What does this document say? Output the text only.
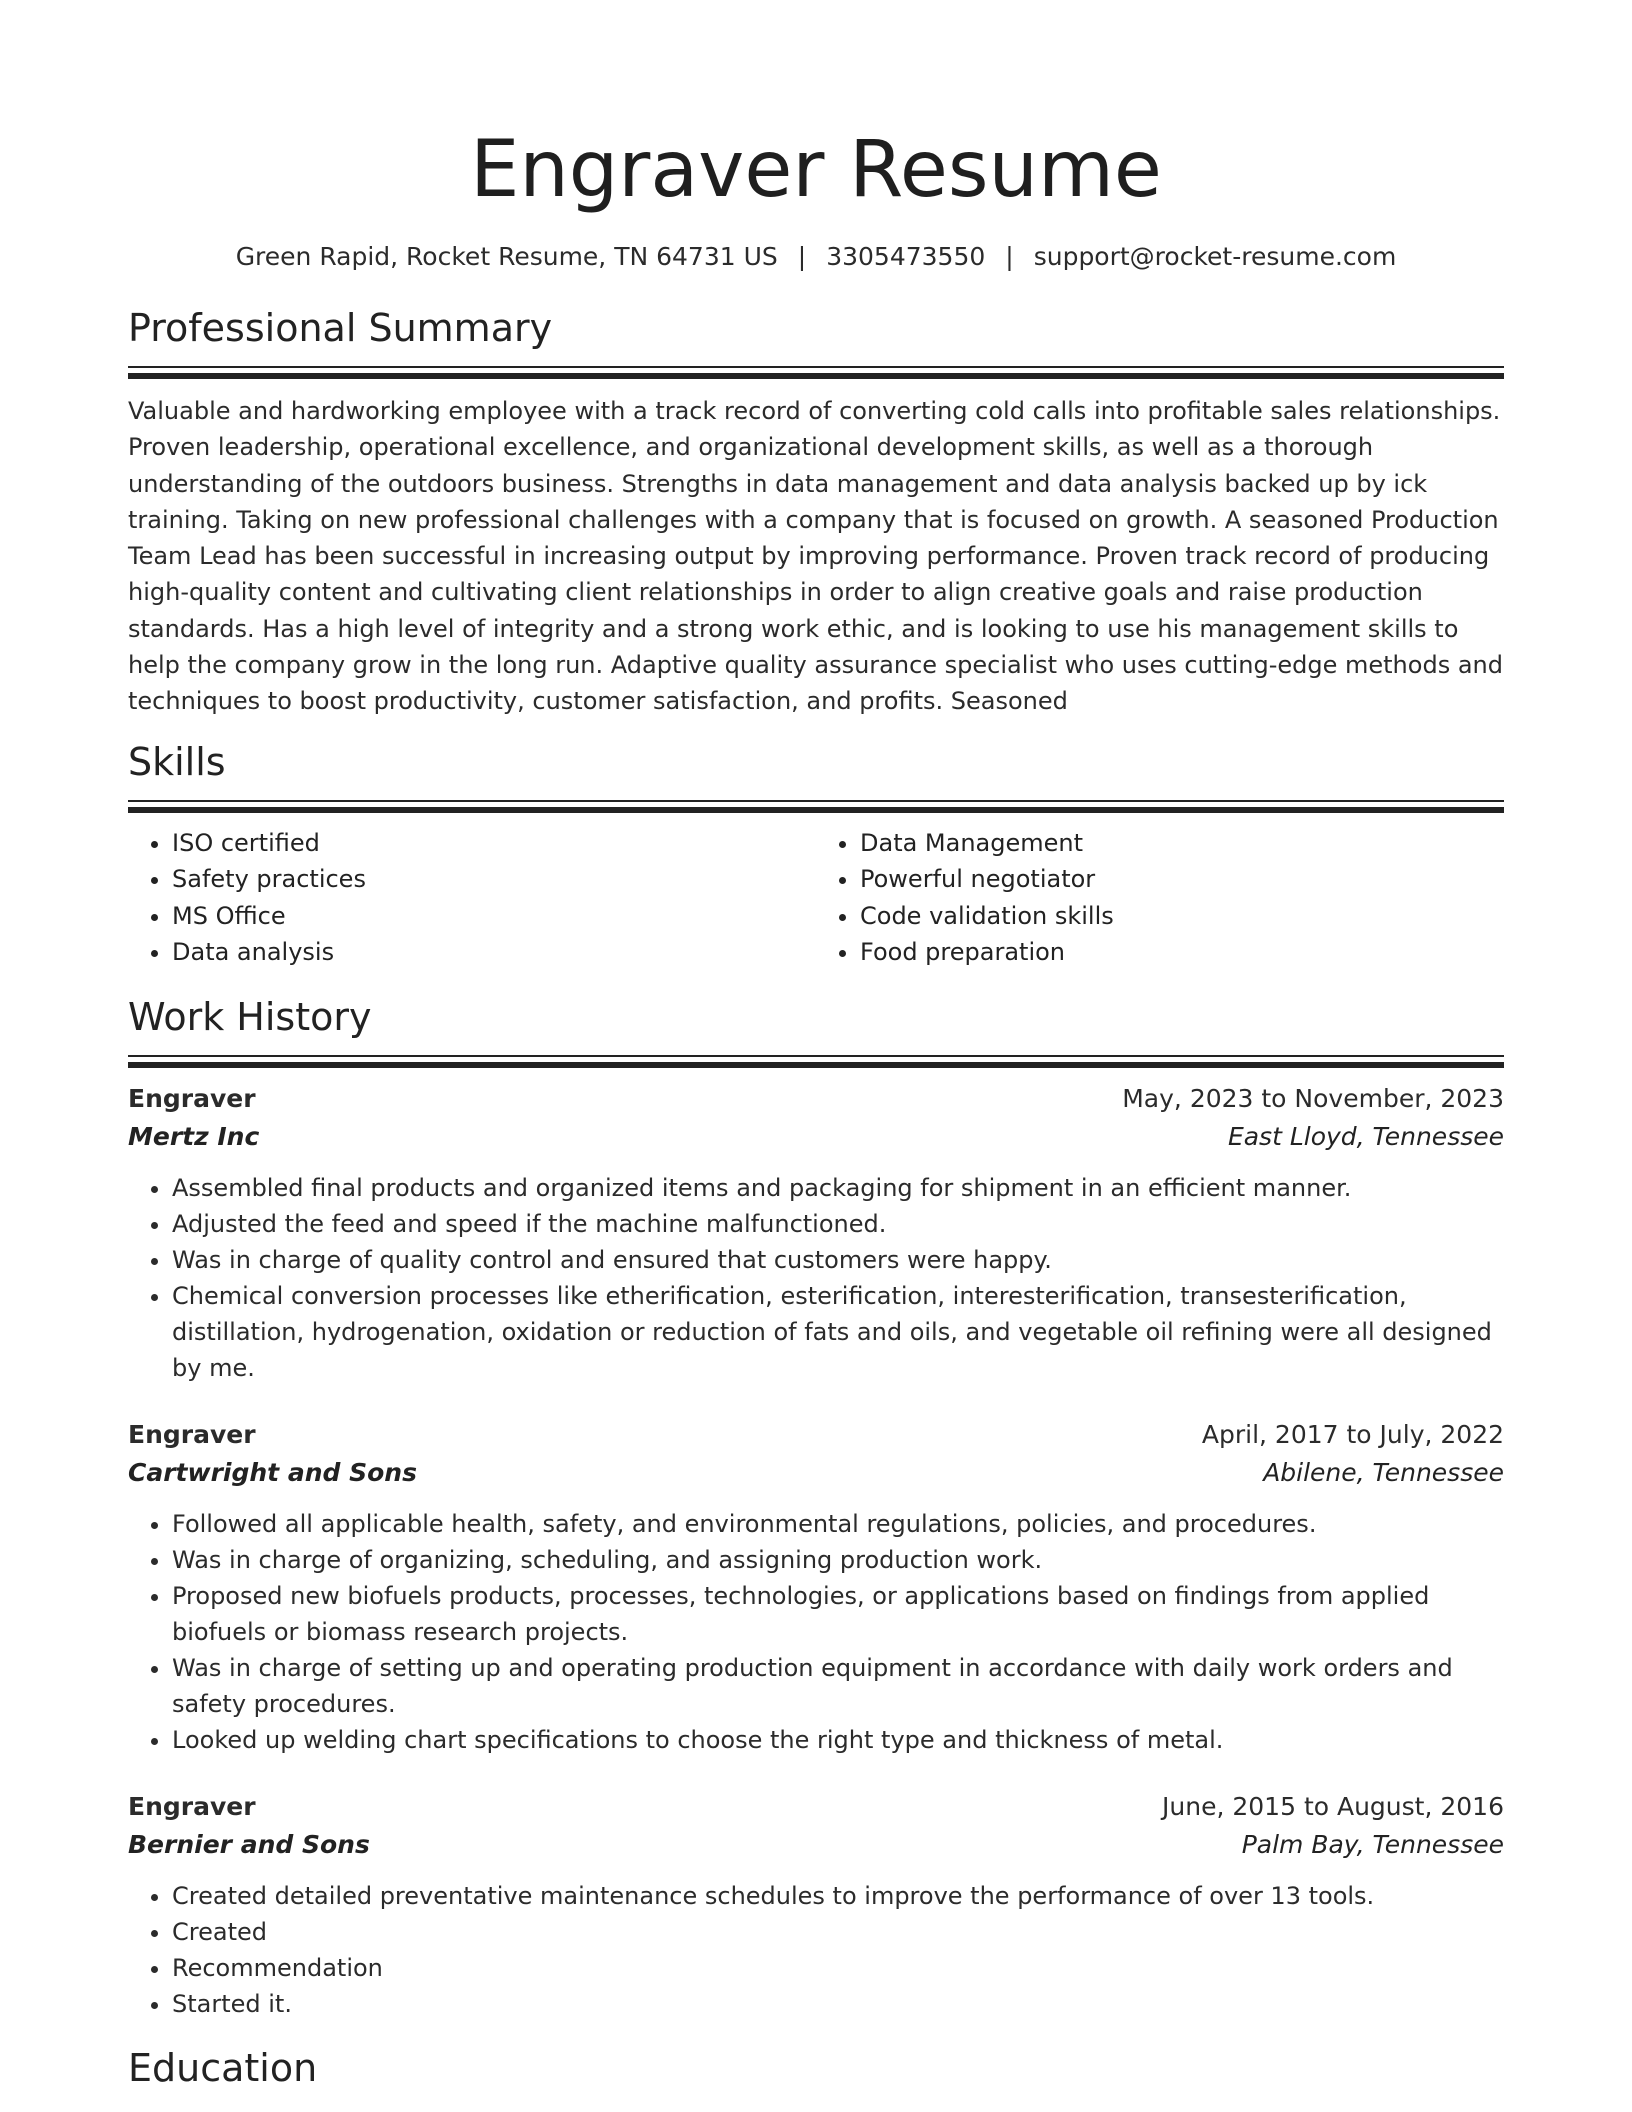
Engraver Resume
Green Rapid, Rocket Resume, TN 64731 US | 3305473550 | support@rocket-resume.com
Professional Summary

Valuable and hardworking employee with a track record of converting cold calls into profitable sales relationships. Proven leadership, operational excellence, and organizational development skills, as well as a thorough understanding of the outdoors business. Strengths in data management and data analysis backed up by ick training. Taking on new professional challenges with a company that is focused on growth. A seasoned Production Team Lead has been successful in increasing output by improving performance. Proven track record of producing high-quality content and cultivating client relationships in order to align creative goals and raise production standards. Has a high level of integrity and a strong work ethic, and is looking to use his management skills to help the company grow in the long run. Adaptive quality assurance specialist who uses cutting-edge methods and techniques to boost productivity, customer satisfaction, and profits. Seasoned

Skills
• ISO certified
• Safety practices
• MS Office
• Data analysis
• Data Management
• Powerful negotiator
• Code validation skills
• Food preparation
Work History
Engraver	May, 2023 to November, 2023
Mertz Inc	East Lloyd, Tennessee
• Assembled final products and organized items and packaging for shipment in an efficient manner.
• Adjusted the feed and speed if the machine malfunctioned.
• Was in charge of quality control and ensured that customers were happy.
• Chemical conversion processes like etherification, esterification, interesterification, transesterification, distillation, hydrogenation, oxidation or reduction of fats and oils, and vegetable oil refining were all designed by me.
Engraver	April, 2017 to July, 2022
Cartwright and Sons	Abilene, Tennessee
• Followed all applicable health, safety, and environmental regulations, policies, and procedures.
• Was in charge of organizing, scheduling, and assigning production work.
• Proposed new biofuels products, processes, technologies, or applications based on findings from applied biofuels or biomass research projects.
• Was in charge of setting up and operating production equipment in accordance with daily work orders and safety procedures.
• Looked up welding chart specifications to choose the right type and thickness of metal.
Engraver	June, 2015 to August, 2016
Bernier and Sons	Palm Bay, Tennessee
• Created detailed preventative maintenance schedules to improve the performance of over 13 tools.
• Created
• Recommendation
• Started it.
Education
